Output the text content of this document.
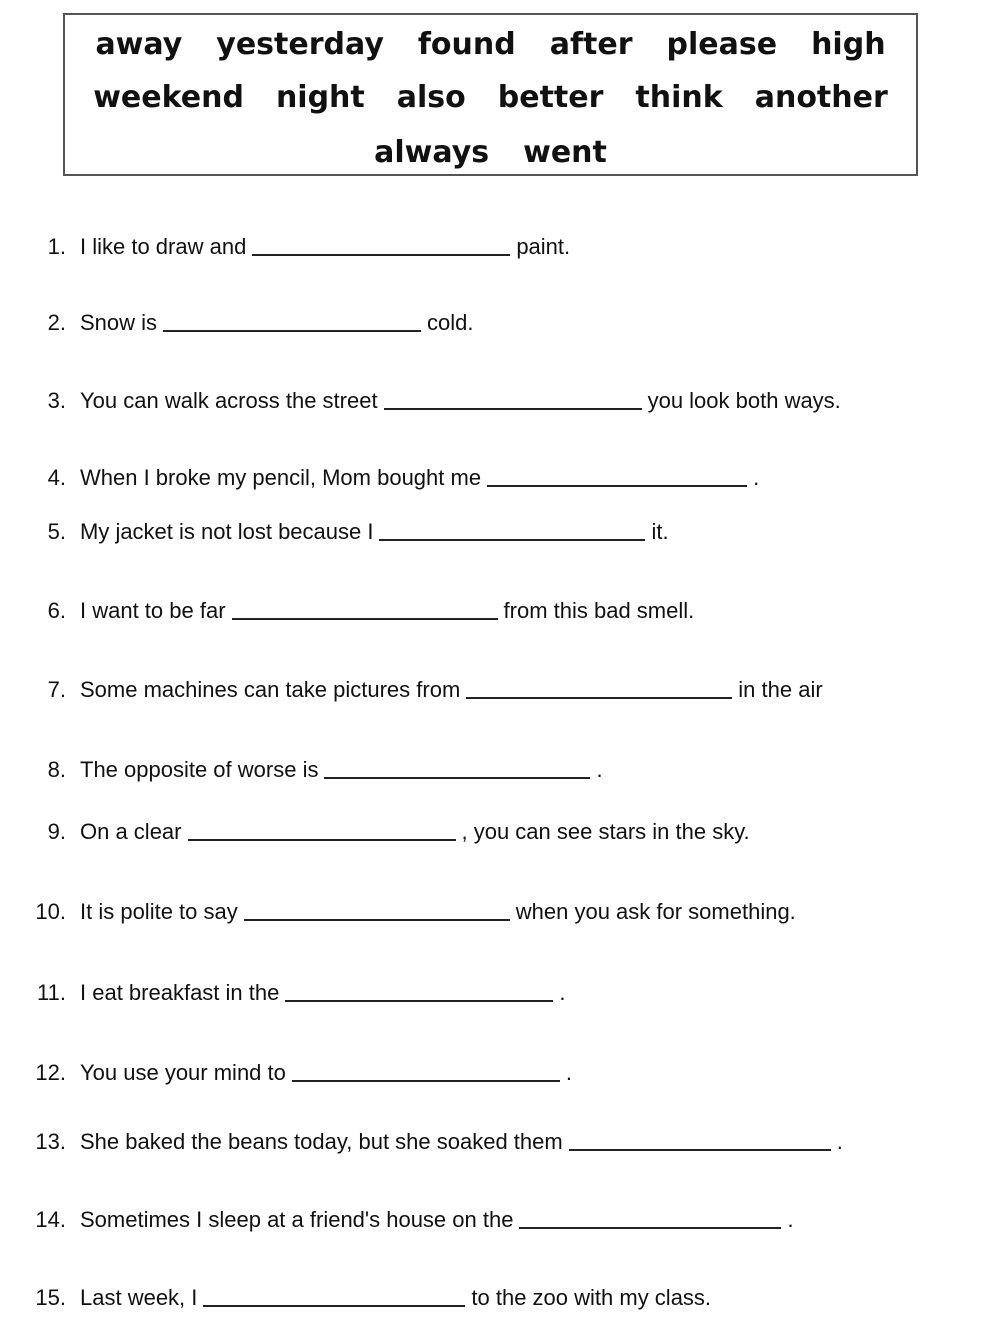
away yesterday found after please high
weekend night also better think another
always went
1. I like to draw and	paint.
2. Snow is	cold.
3. You can walk across the street	you look both ways.
4. When I broke my pencil, Mom bought me	.
5. My jacket is not lost because I	it.
6. I want to be far	from this bad smell.
7. Some machines can take pictures from	in the air
8. The opposite of worse is	.
9. On a clear	, you can see stars in the sky.
10. It is polite to say	when you ask for something.
11. I eat breakfast in the	.
12. You use your mind to	.
13. She baked the beans today, but she soaked them	.
14. Sometimes I sleep at a friend's house on the	.
15. Last week, I	to the zoo with my class.
